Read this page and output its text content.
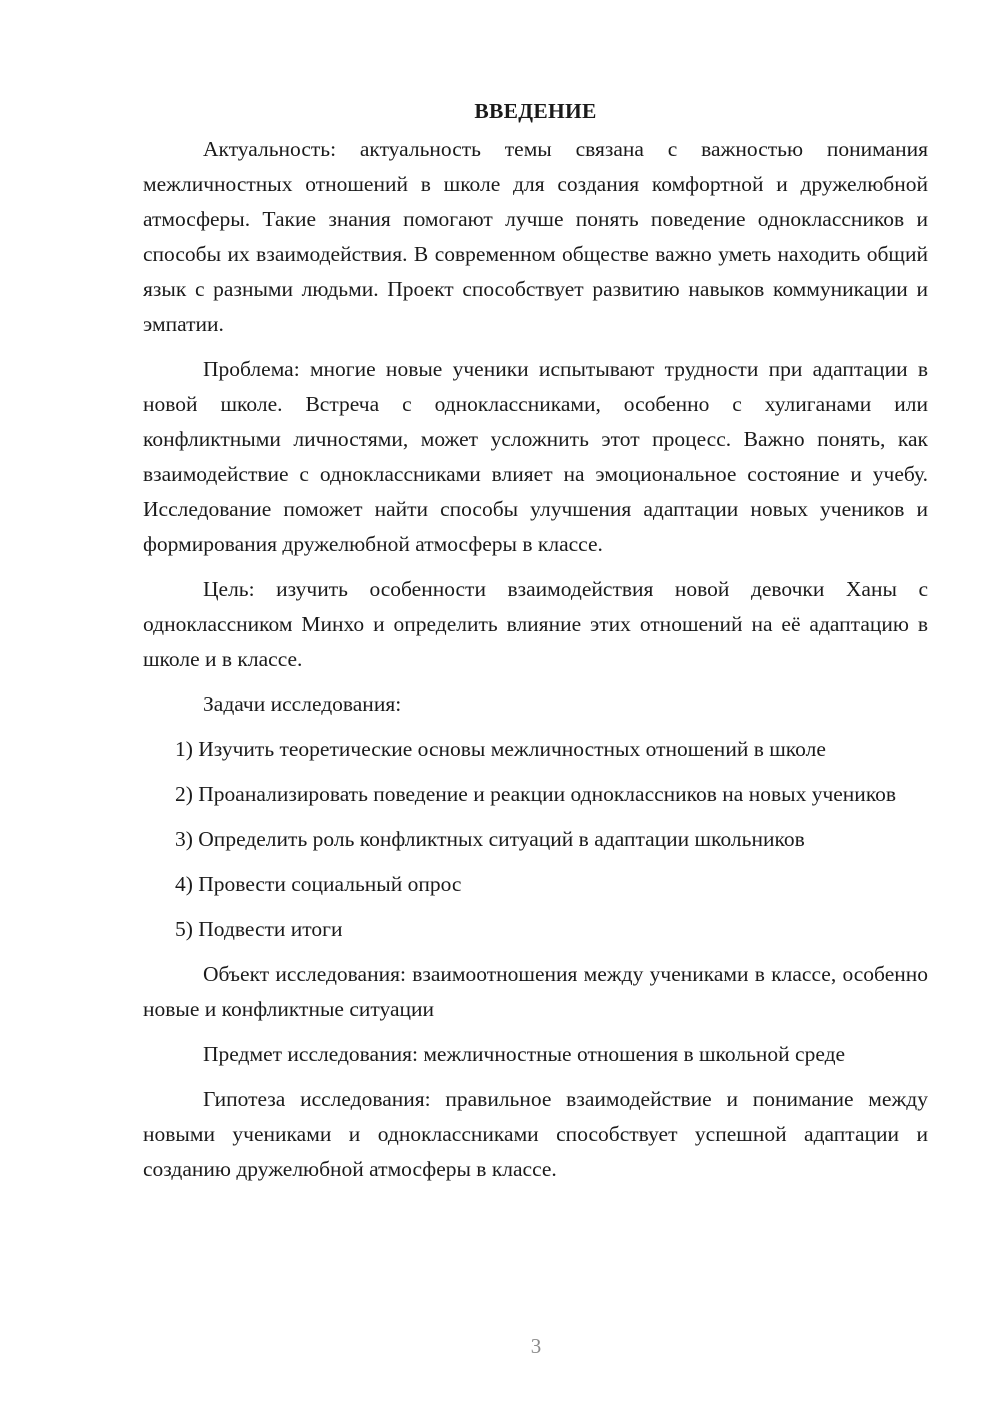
ВВЕДЕНИЕ

Актуальность: актуальность темы связана с важностью понимания межличностных отношений в школе для создания комфортной и дружелюбной атмосферы. Такие знания помогают лучше понять поведение одноклассников и способы их взаимодействия. В современном обществе важно уметь находить общий язык с разными людьми. Проект способствует развитию навыков коммуникации и эмпатии.

Проблема: многие новые ученики испытывают трудности при адаптации в новой школе. Встреча с одноклассниками, особенно с хулиганами или конфликтными личностями, может усложнить этот процесс. Важно понять, как взаимодействие с одноклассниками влияет на эмоциональное состояние и учебу. Исследование поможет найти способы улучшения адаптации новых учеников и формирования дружелюбной атмосферы в классе.

Цель: изучить особенности взаимодействия новой девочки Ханы с одноклассником Минхо и определить влияние этих отношений на её адаптацию в школе и в классе.

Задачи исследования:

1) Изучить теоретические основы межличностных отношений в школе

2) Проанализировать поведение и реакции одноклассников на новых учеников

3) Определить роль конфликтных ситуаций в адаптации школьников

4) Провести социальный опрос

5) Подвести итоги

Объект исследования: взаимоотношения между учениками в классе, особенно новые и конфликтные ситуации

Предмет исследования: межличностные отношения в школьной среде

Гипотеза исследования: правильное взаимодействие и понимание между новыми учениками и одноклассниками способствует успешной адаптации и созданию дружелюбной атмосферы в классе.

3
